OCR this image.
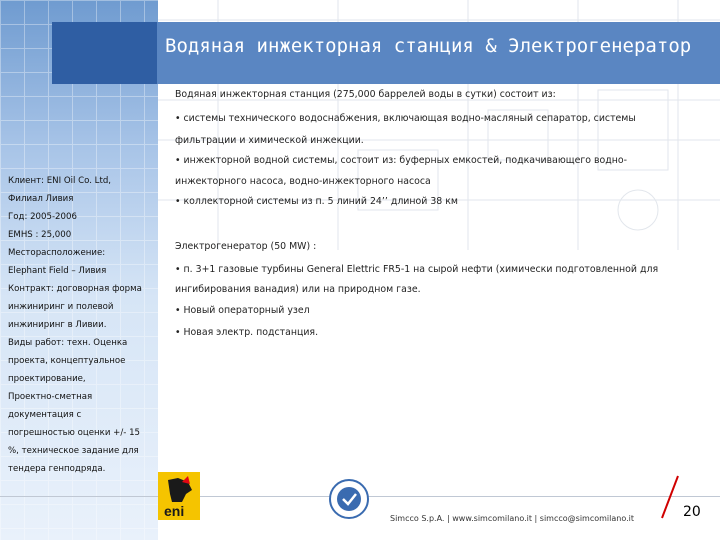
Водяная инжекторная станция & Электрогенератор
Водяная инжекторная станция (275,000 баррелей воды в сутки) состоит из:
• системы технического водоснабжения, включающая водно-масляный сепаратор, системы
фильтрации и химической инжекции.
• инжекторной водной системы, состоит из: буферных емкостей, подкачивающего водно-
инжекторного насоса, водно-инжекторного насоса
• коллекторной системы из п. 5 линий 24’’ длиной 38 км
Электрогенератор (50 MW) :
• п. 3+1 газовые турбины General Elettric FR5-1 на сырой нефти (химически подготовленной для
ингибирования ванадия) или на природном газе.
• Новый операторный узел
• Новая электр. подстанция.
Клиент: ENI Oil Co. Ltd,
Филиал Ливия
Год: 2005-2006
EMHS : 25,000
Месторасположение:
Elephant Field – Ливия
Контракт: договорная форма
инжиниринг и полевой
инжиниринг в Ливии.
Виды работ: техн. Оценка
проекта, концептуальное
проектирование,
Проектно-сметная
документация с
погрешностью оценки +/- 15
%, техническое задание для
тендера генподряда.
eni	Simcco S.p.A. | www.simcomilano.it | simcco@simcomilano.it	20
